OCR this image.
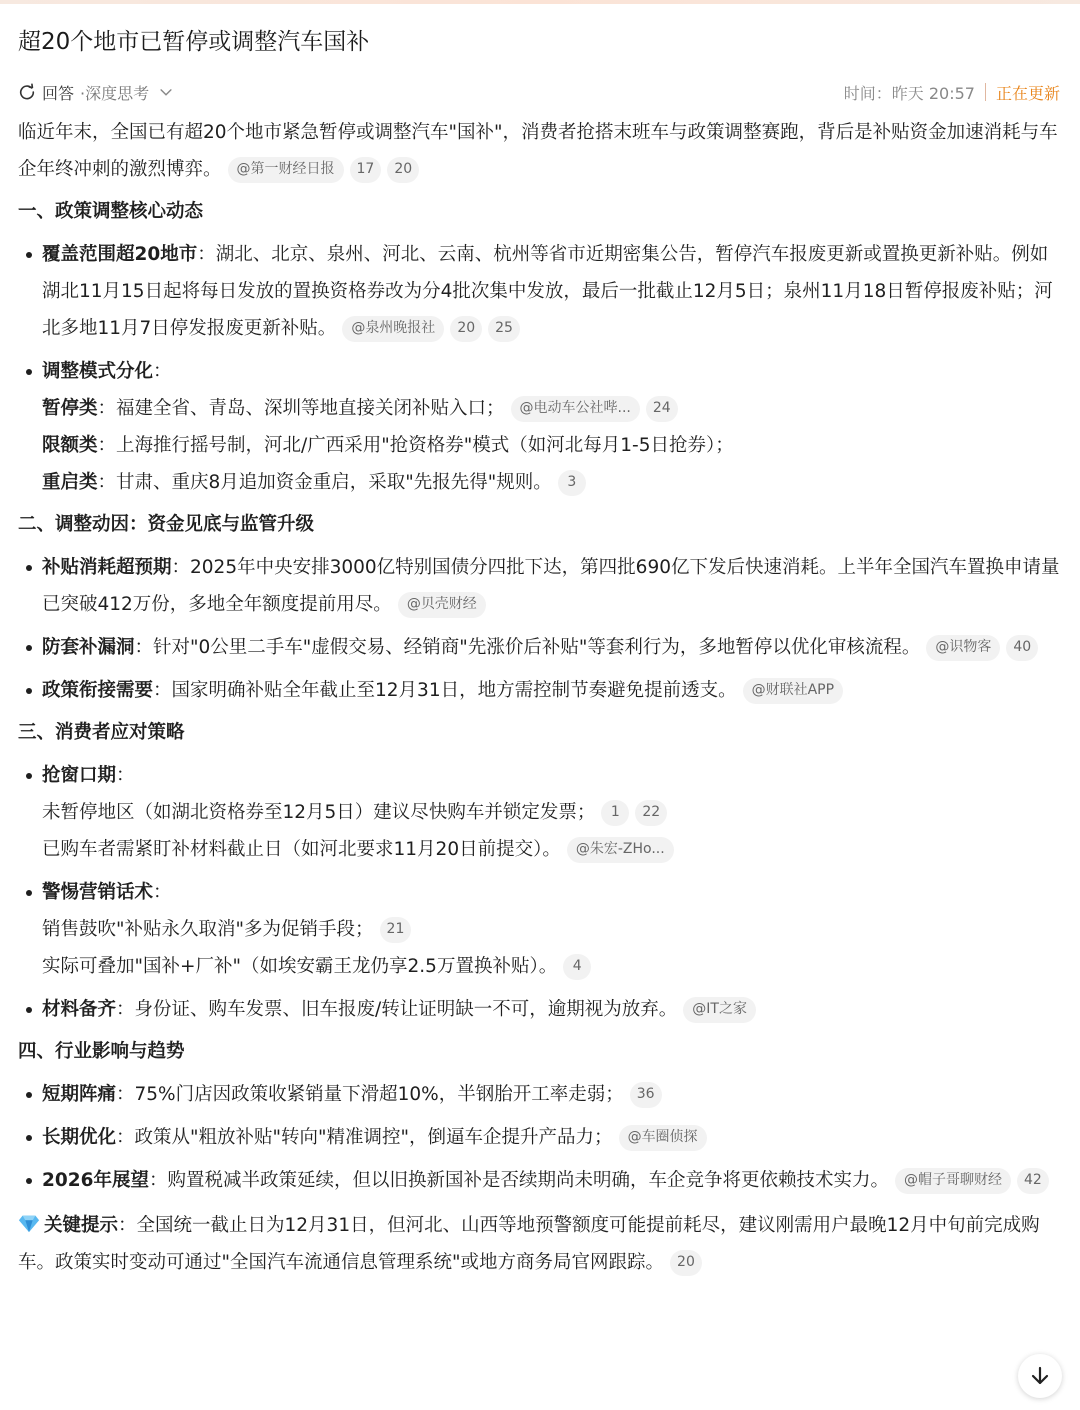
超20个地市已暂停或调整汽车国补
回答 ·深度思考	时间：昨天 20:57 正在更新

临近年末，全国已有超20个地市紧急暂停或调整汽车"国补"，消费者抢搭末班车与政策调整赛跑，背后是补贴资金加速消耗与车企年终冲刺的激烈博弈。 @第一财经日报 17 20

一、政策调整核心动态
覆盖范围超20地市：湖北、北京、泉州、河北、云南、杭州等省市近期密集公告，暂停汽车报废更新或置换更新补贴。例如湖北11月15日起将每日发放的置换资格券改为分4批次集中发放，最后一批截止12月5日；泉州11月18日暂停报废补贴；河北多地11月7日停发报废更新补贴。 @泉州晚报社 20 25
调整模式分化：
暂停类：福建全省、青岛、深圳等地直接关闭补贴入口； @电动车公社哔... 24
限额类：上海推行摇号制，河北/广西采用"抢资格券"模式（如河北每月1-5日抢券）；
重启类：甘肃、重庆8月追加资金重启，采取"先报先得"规则。 3
二、调整动因：资金见底与监管升级
补贴消耗超预期：2025年中央安排3000亿特别国债分四批下达，第四批690亿下发后快速消耗。上半年全国汽车置换申请量已突破412万份，多地全年额度提前用尽。 @贝壳财经
防套补漏洞：针对"0公里二手车"虚假交易、经销商"先涨价后补贴"等套利行为，多地暂停以优化审核流程。 @识物客 40
政策衔接需要：国家明确补贴全年截止至12月31日，地方需控制节奏避免提前透支。 @财联社APP
三、消费者应对策略
抢窗口期：
未暂停地区（如湖北资格券至12月5日）建议尽快购车并锁定发票； 1 22
已购车者需紧盯补材料截止日（如河北要求11月20日前提交）。 @朱宏-ZHo...
警惕营销话术：
销售鼓吹"补贴永久取消"多为促销手段； 21
实际可叠加"国补+厂补"（如埃安霸王龙仍享2.5万置换补贴）。 4
材料备齐：身份证、购车发票、旧车报废/转让证明缺一不可，逾期视为放弃。 @IT之家
四、行业影响与趋势
短期阵痛：75%门店因政策收紧销量下滑超10%，半钢胎开工率走弱； 36
长期优化：政策从"粗放补贴"转向"精准调控"，倒逼车企提升产品力； @车圈侦探
2026年展望：购置税减半政策延续，但以旧换新国补是否续期尚未明确，车企竞争将更依赖技术实力。 @帽子哥聊财经 42

关键提示：全国统一截止日为12月31日，但河北、山西等地预警额度可能提前耗尽，建议刚需用户最晚12月中旬前完成购车。政策实时变动可通过"全国汽车流通信息管理系统"或地方商务局官网跟踪。 20
